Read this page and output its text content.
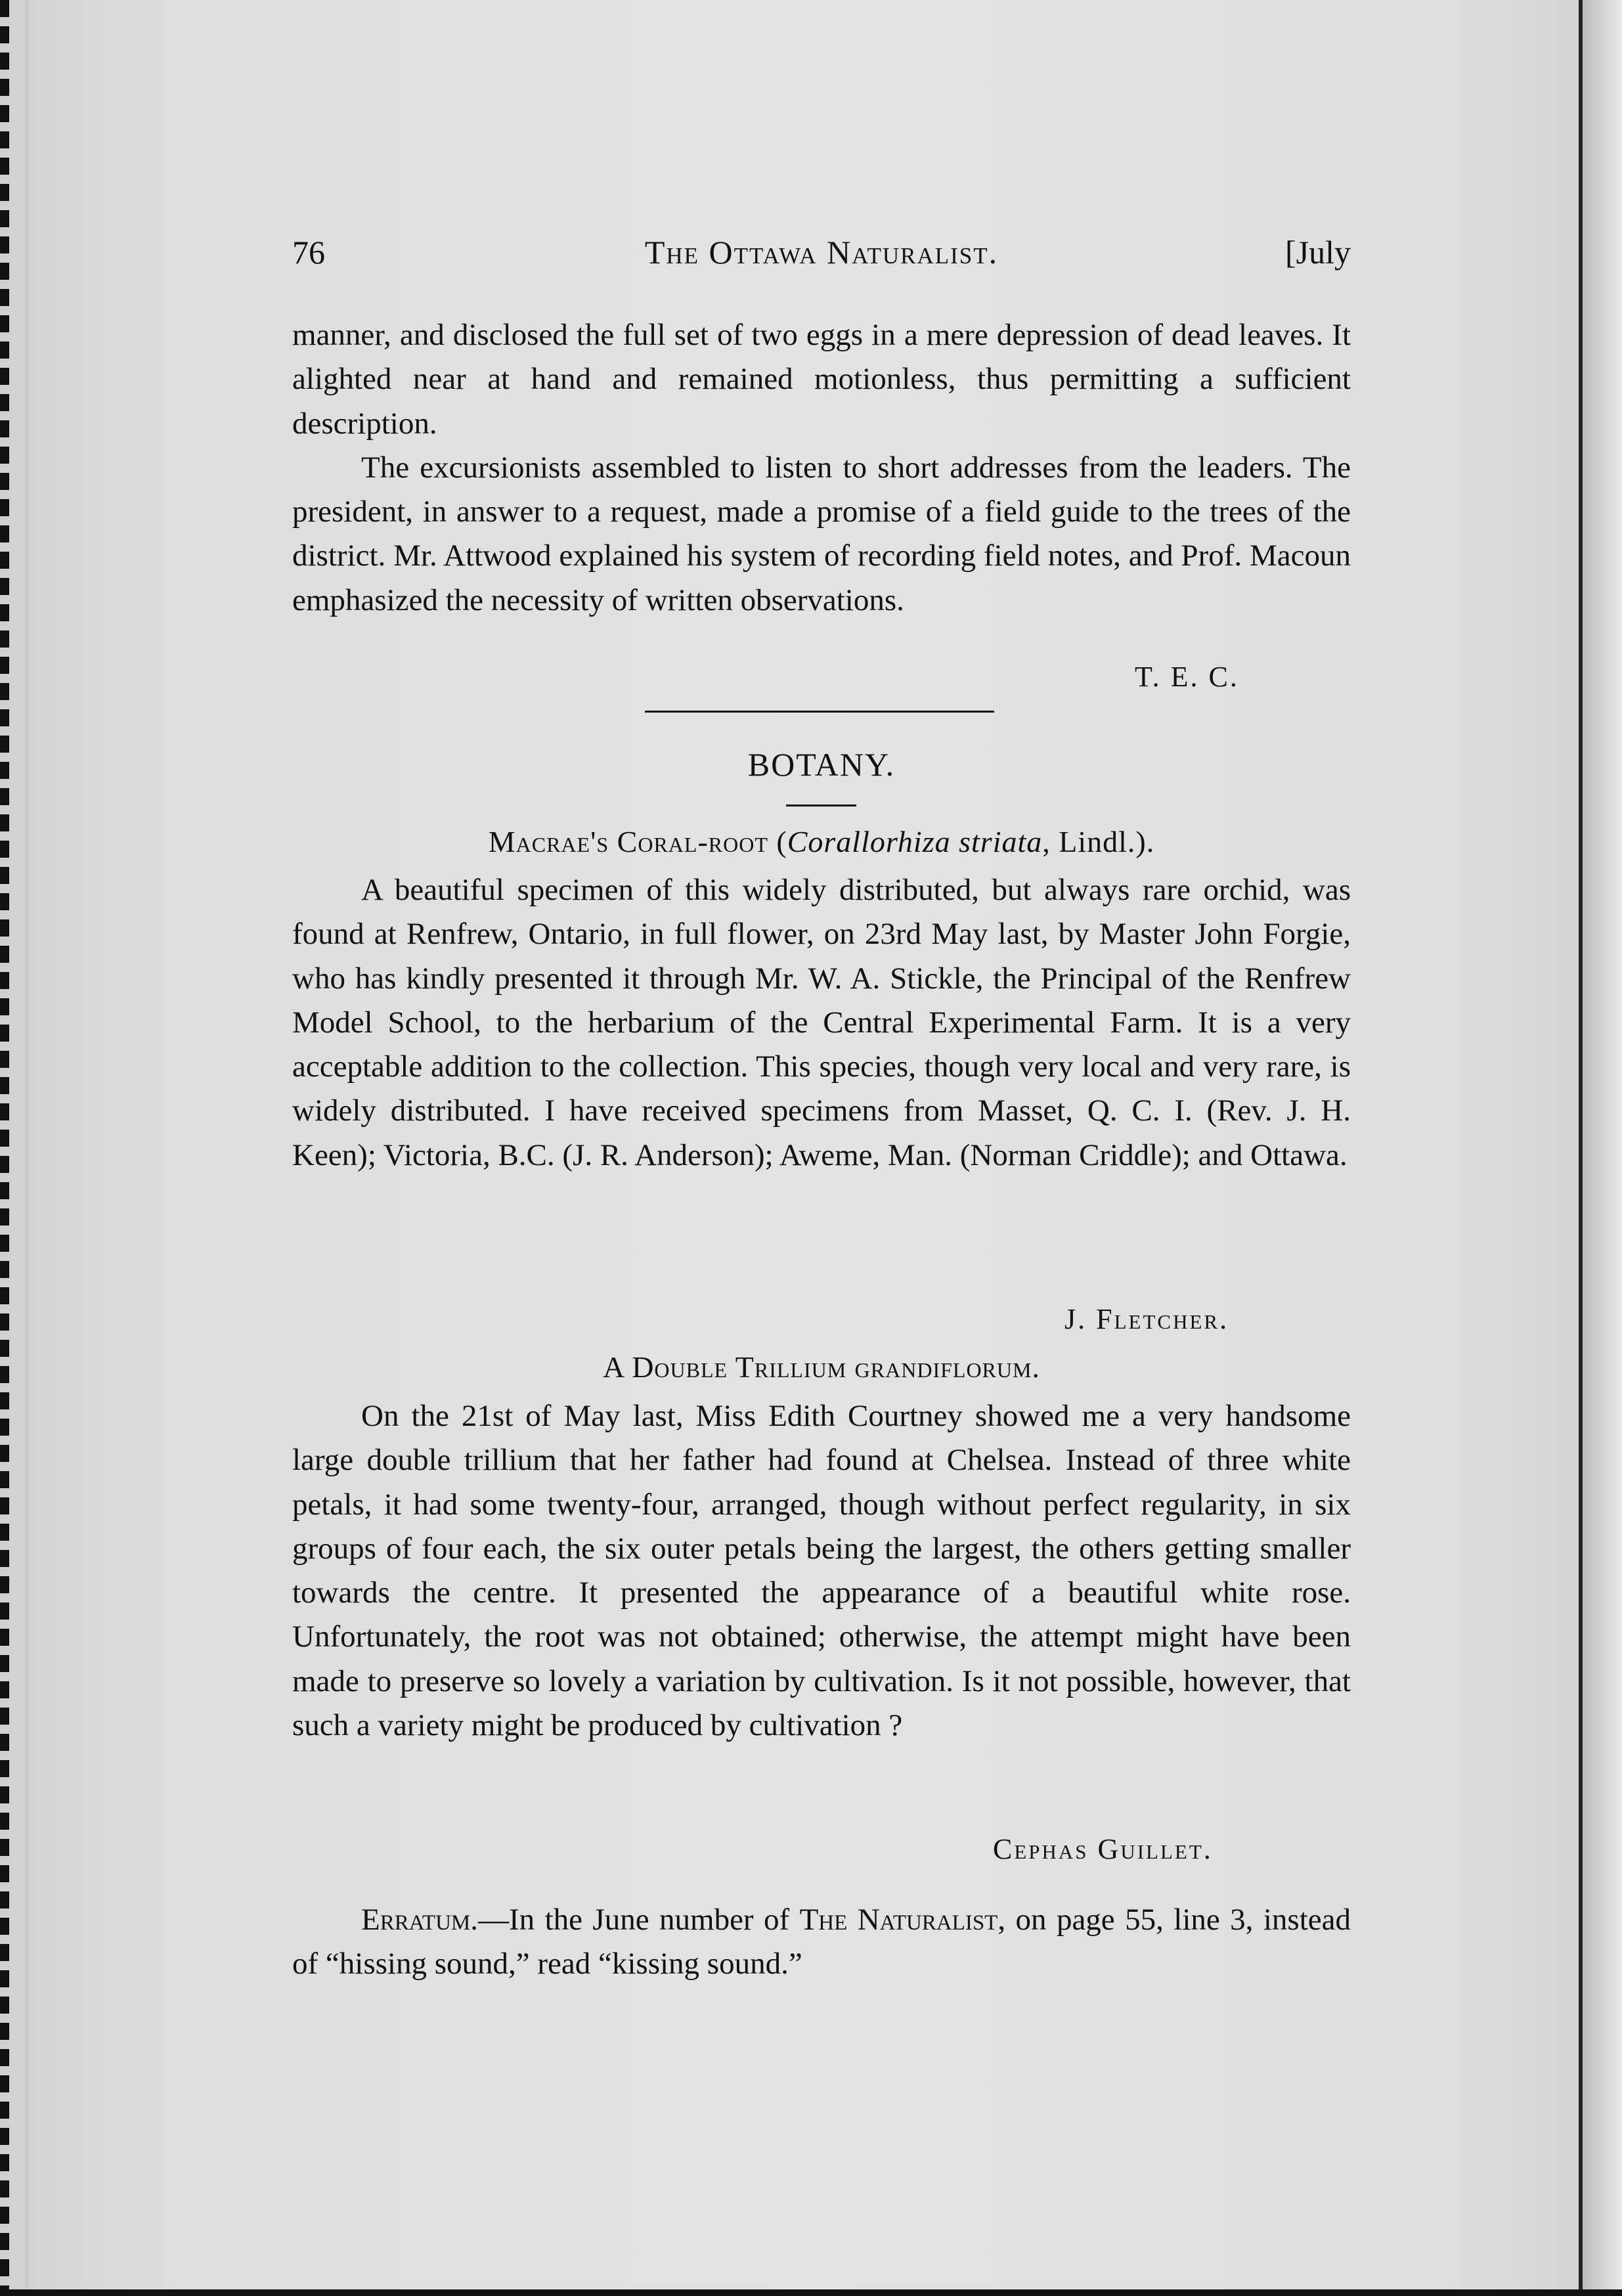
76	The Ottawa Naturalist.	[July

manner, and disclosed the full set of two eggs in a mere depression of dead leaves. It alighted near at hand and remained motionless, thus permitting a sufficient description.

The excursionists assembled to listen to short addresses from the leaders. The president, in answer to a request, made a promise of a field guide to the trees of the district. Mr. Attwood explained his system of recording field notes, and Prof. Macoun emphasized the necessity of written observations.

T. E. C.
BOTANY.
Macrae's Coral-root (Corallorhiza striata, Lindl.).

A beautiful specimen of this widely distributed, but always rare orchid, was found at Renfrew, Ontario, in full flower, on 23rd May last, by Master John Forgie, who has kindly presented it through Mr. W. A. Stickle, the Principal of the Renfrew Model School, to the herbarium of the Central Experimental Farm. It is a very acceptable addition to the collection. This species, though very local and very rare, is widely distributed. I have received specimens from Masset, Q. C. I. (Rev. J. H. Keen); Victoria, B.C. (J. R. Anderson); Aweme, Man. (Norman Criddle); and Ottawa.

J. Fletcher.
A Double Trillium grandiflorum.

On the 21st of May last, Miss Edith Courtney showed me a very handsome large double trillium that her father had found at Chelsea. Instead of three white petals, it had some twenty-four, arranged, though without perfect regularity, in six groups of four each, the six outer petals being the largest, the others getting smaller towards the centre. It presented the appearance of a beautiful white rose. Unfortunately, the root was not obtained; otherwise, the attempt might have been made to preserve so lovely a variation by cultivation. Is it not possible, however, that such a variety might be produced by cultivation ?

Cephas Guillet.

Erratum.—In the June number of The Naturalist, on page 55, line 3, instead of “hissing sound,” read “kissing sound.”
